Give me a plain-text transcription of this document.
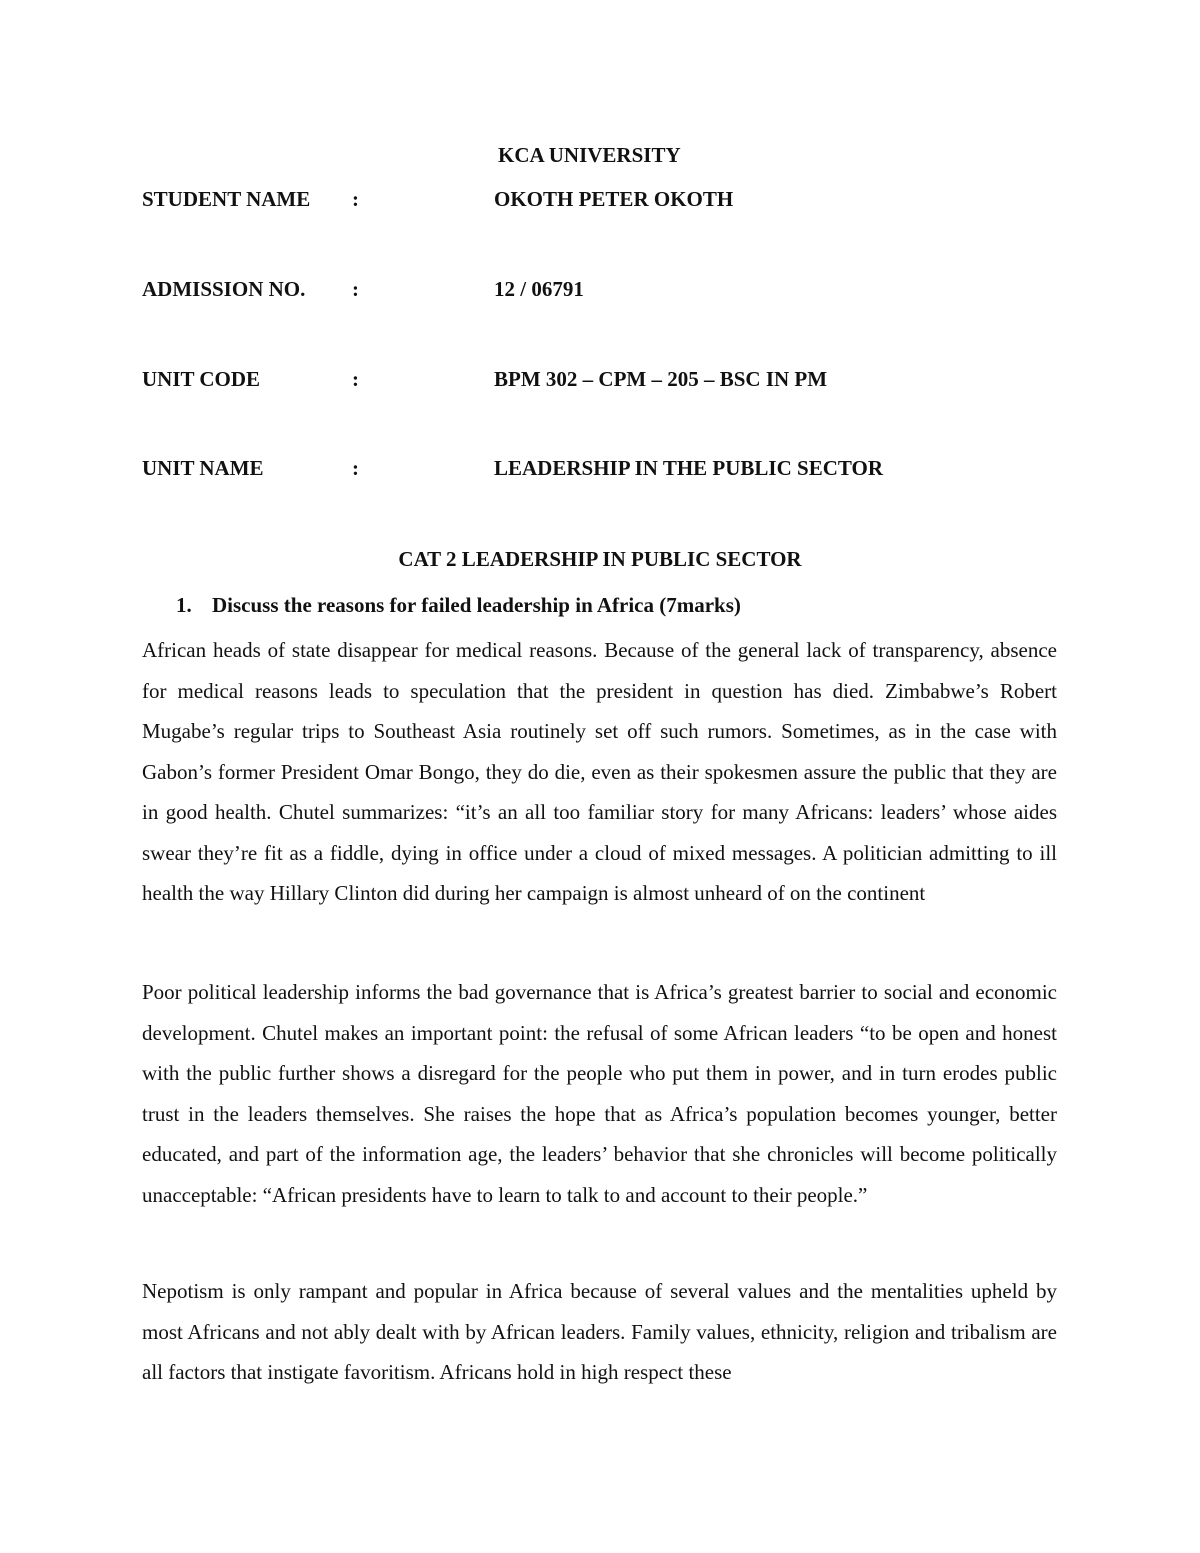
KCA UNIVERSITY
STUDENT NAME :	OKOTH PETER OKOTH
ADMISSION NO. :	12 / 06791
UNIT CODE	:	BPM 302 – CPM – 205 – BSC IN PM
UNIT NAME	:	LEADERSHIP IN THE PUBLIC SECTOR
CAT 2 LEADERSHIP IN PUBLIC SECTOR
1. Discuss the reasons for failed leadership in Africa (7marks)

African heads of state disappear for medical reasons. Because of the general lack of transparency, absence for medical reasons leads to speculation that the president in question has died. Zimbabwe’s Robert Mugabe’s regular trips to Southeast Asia routinely set off such rumors. Sometimes, as in the case with Gabon’s former President Omar Bongo, they do die, even as their spokesmen assure the public that they are in good health. Chutel summarizes: “it’s an all too familiar story for many Africans: leaders’ whose aides swear they’re fit as a fiddle, dying in office under a cloud of mixed messages. A politician admitting to ill health the way Hillary Clinton did during her campaign is almost unheard of on the continent

Poor political leadership informs the bad governance that is Africa’s greatest barrier to social and economic development. Chutel makes an important point: the refusal of some African leaders “to be open and honest with the public further shows a disregard for the people who put them in power, and in turn erodes public trust in the leaders themselves. She raises the hope that as Africa’s population becomes younger, better educated, and part of the information age, the leaders’ behavior that she chronicles will become politically unacceptable: “African presidents have to learn to talk to and account to their people.”

Nepotism is only rampant and popular in Africa because of several values and the mentalities upheld by most Africans and not ably dealt with by African leaders. Family values, ethnicity, religion and tribalism are all factors that instigate favoritism. Africans hold in high respect these
